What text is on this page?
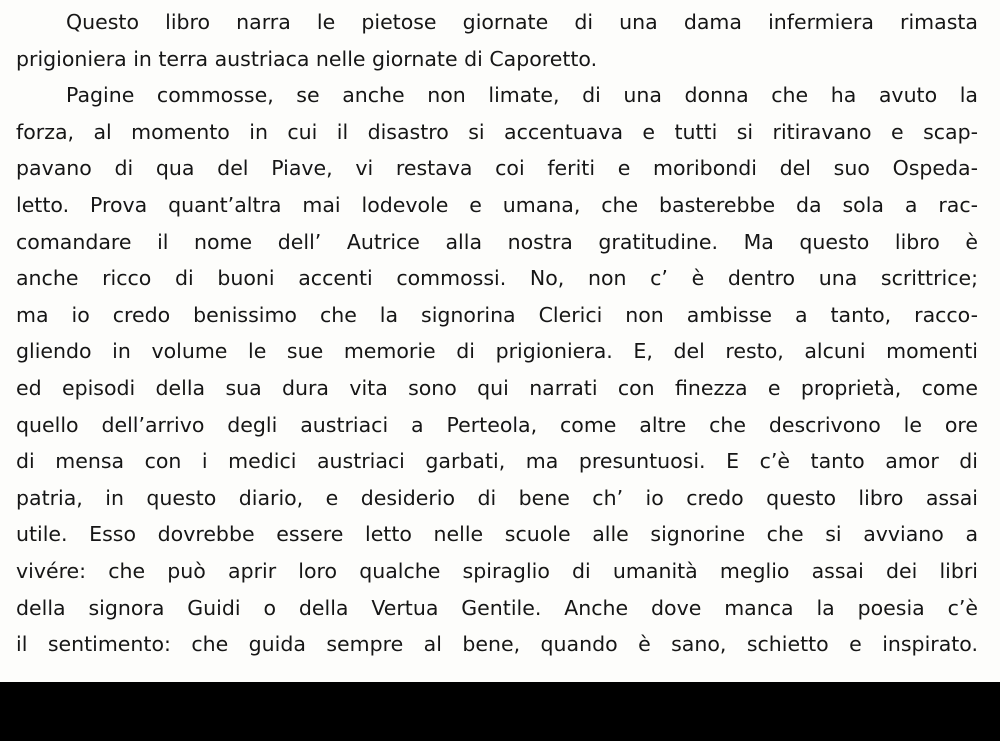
Questo libro narra le pietose giornate di una dama infermiera rimasta
prigioniera in terra austriaca nelle giornate di Caporetto.
Pagine commosse, se anche non limate, di una donna che ha avuto la
forza, al momento in cui il disastro si accentuava e tutti si ritiravano e scap-
pavano di qua del Piave, vi restava coi feriti e moribondi del suo Ospeda-
letto. Prova quant’altra mai lodevole e umana, che basterebbe da sola a rac-
comandare il nome dell’ Autrice alla nostra gratitudine. Ma questo libro è
anche ricco di buoni accenti commossi. No, non c’ è dentro una scrittrice;
ma io credo benissimo che la signorina Clerici non ambisse a tanto, racco-
gliendo in volume le sue memorie di prigioniera. E, del resto, alcuni momenti
ed episodi della sua dura vita sono qui narrati con finezza e proprietà, come
quello dell’arrivo degli austriaci a Perteola, come altre che descrivono le ore
di mensa con i medici austriaci garbati, ma presuntuosi. E c’è tanto amor di
patria, in questo diario, e desiderio di bene ch’ io credo questo libro assai
utile. Esso dovrebbe essere letto nelle scuole alle signorine che si avviano a
vivére: che può aprir loro qualche spiraglio di umanità meglio assai dei libri
della signora Guidi o della Vertua Gentile. Anche dove manca la poesia c’è
il sentimento: che guida sempre al bene, quando è sano, schietto e inspirato.
